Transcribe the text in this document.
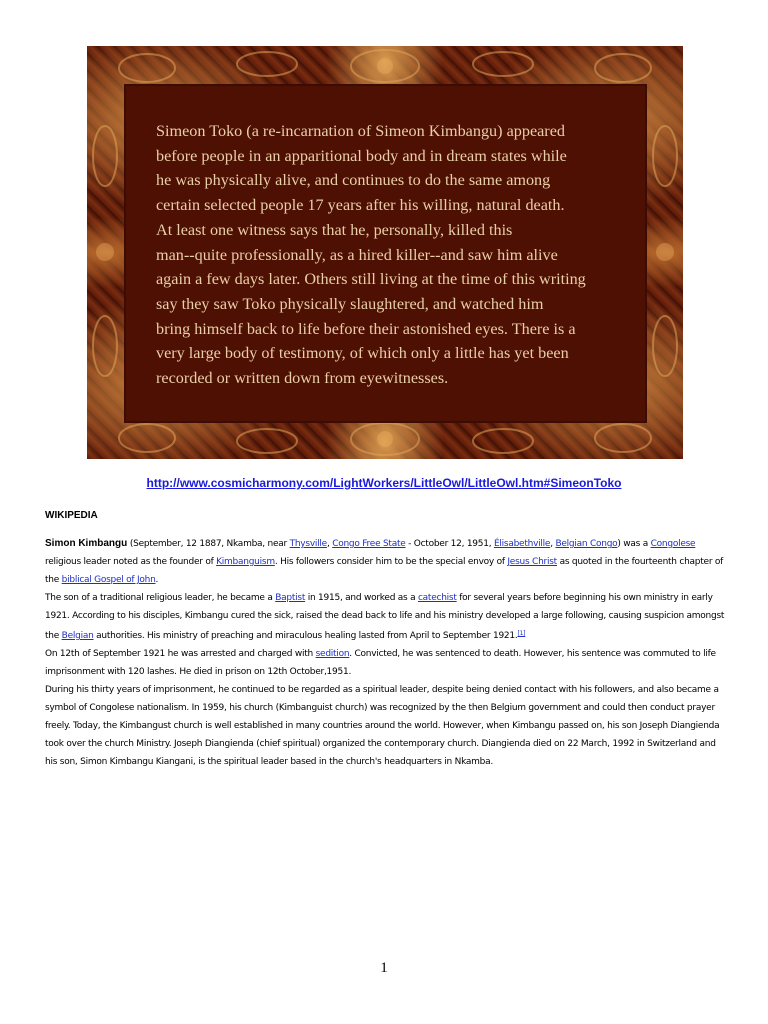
Simeon Toko (a re-incarnation of Simeon Kimbangu) appeared
before people in an apparitional body and in dream states while
he was physically alive, and continues to do the same among
certain selected people 17 years after his willing, natural death.
At least one witness says that he, personally, killed this
man--quite professionally, as a hired killer--and saw him alive
again a few days later. Others still living at the time of this writing
say they saw Toko physically slaughtered, and watched him
bring himself back to life before their astonished eyes. There is a
very large body of testimony, of which only a little has yet been
recorded or written down from eyewitnesses.
http://www.cosmicharmony.com/LightWorkers/LittleOwl/LittleOwl.htm#SimeonToko
WIKIPEDIA

Simon Kimbangu (September, 12 1887, Nkamba, near Thysville, Congo Free State - October 12, 1951, Élisabethville, Belgian Congo) was a Congolese religious leader noted as the founder of Kimbanguism. His followers consider him to be the special envoy of Jesus Christ as quoted in the fourteenth chapter of the biblical Gospel of John.

The son of a traditional religious leader, he became a Baptist in 1915, and worked as a catechist for several years before beginning his own ministry in early 1921. According to his disciples, Kimbangu cured the sick, raised the dead back to life and his ministry developed a large following, causing suspicion amongst the Belgian authorities. His ministry of preaching and miraculous healing lasted from April to September 1921.[1]

On 12th of September 1921 he was arrested and charged with sedition. Convicted, he was sentenced to death. However, his sentence was commuted to life imprisonment with 120 lashes. He died in prison on 12th October,1951.

During his thirty years of imprisonment, he continued to be regarded as a spiritual leader, despite being denied contact with his followers, and also became a symbol of Congolese nationalism. In 1959, his church (Kimbanguist church) was recognized by the then Belgium government and could then conduct prayer freely. Today, the Kimbangust church is well established in many countries around the world. However, when Kimbangu passed on, his son Joseph Diangienda took over the church Ministry. Joseph Diangienda (chief spiritual) organized the contemporary church. Diangienda died on 22 March, 1992 in Switzerland and his son, Simon Kimbangu Kiangani, is the spiritual leader based in the church's headquarters in Nkamba.

1
